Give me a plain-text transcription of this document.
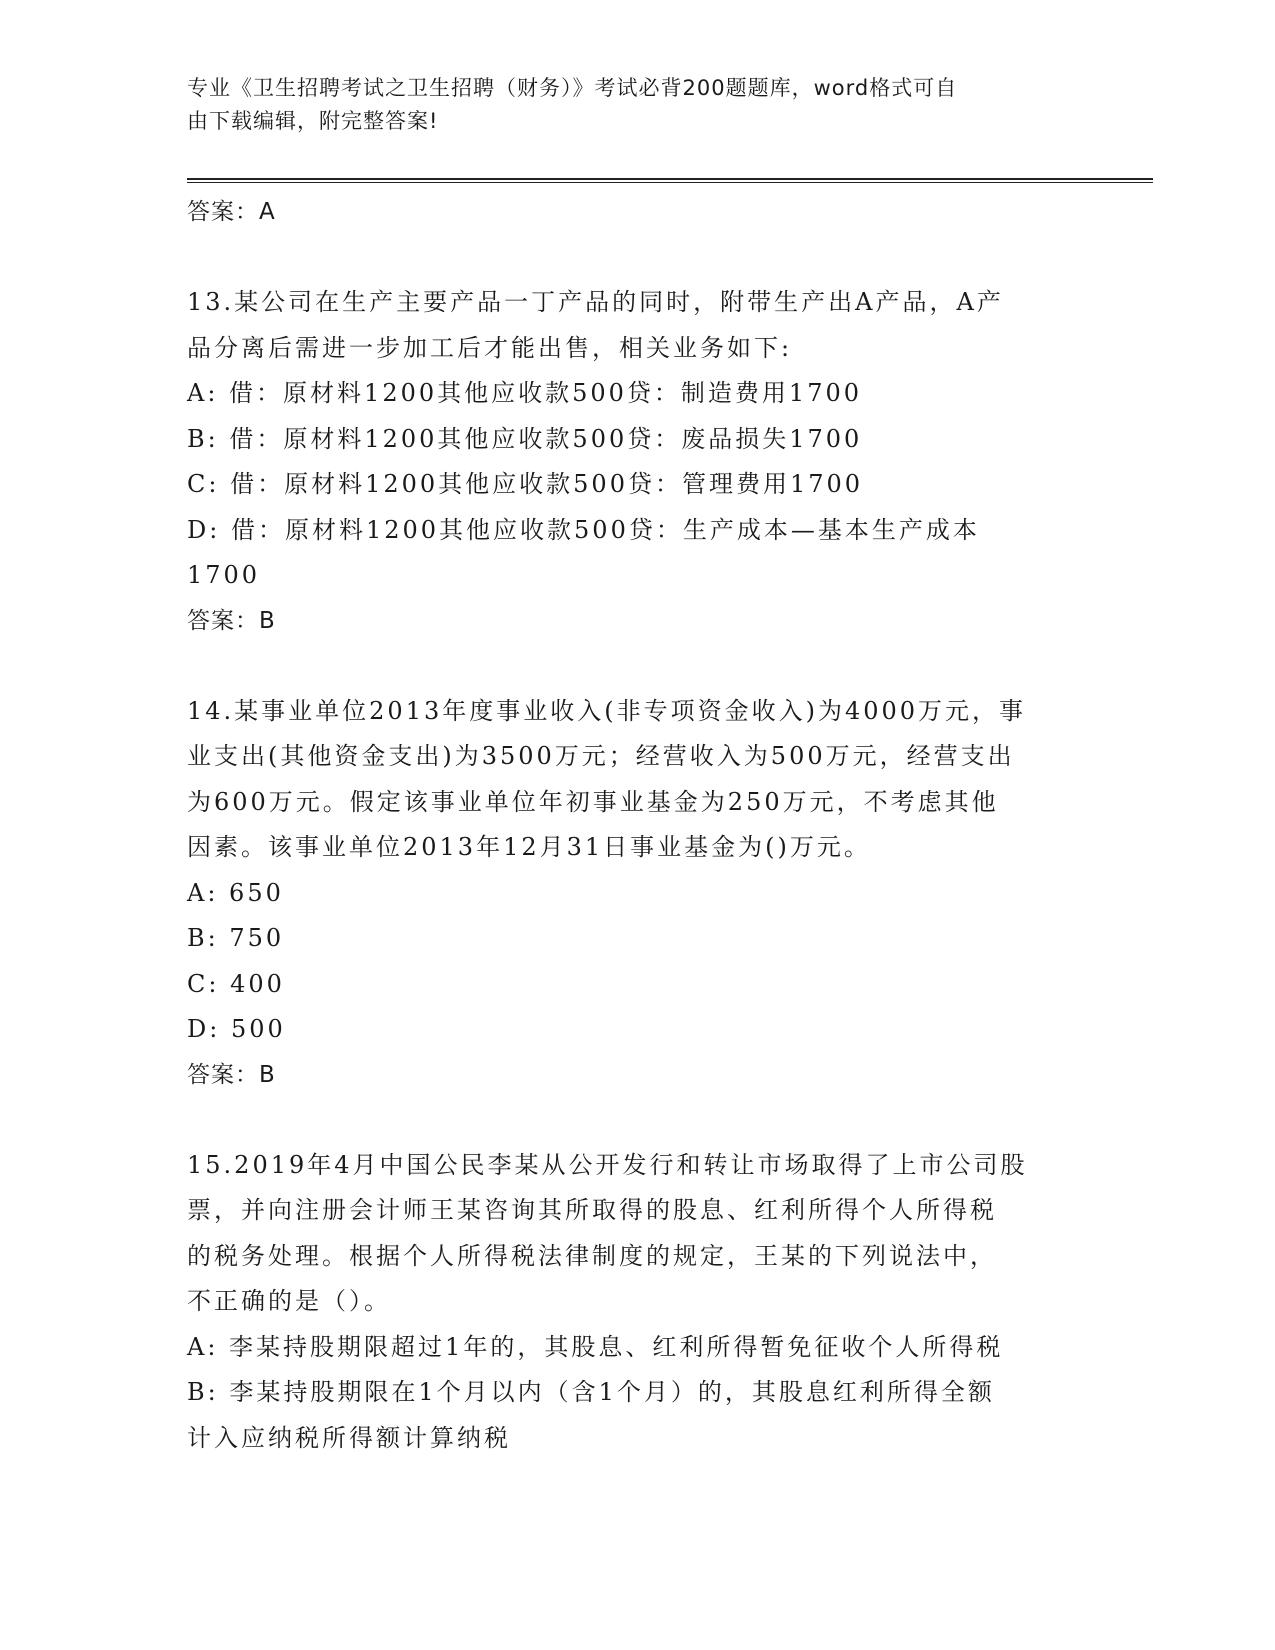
专业《卫生招聘考试之卫生招聘（财务）》考试必背200题题库，word格式可自
由下载编辑，附完整答案!
答案：A
13.某公司在生产主要产品一丁产品的同时，附带生产出A产品，A产
品分离后需进一步加工后才能出售，相关业务如下:
A: 借：原材料1200其他应收款500贷：制造费用1700
B: 借：原材料1200其他应收款500贷：废品损失1700
C: 借：原材料1200其他应收款500贷：管理费用1700
D: 借：原材料1200其他应收款500贷：生产成本—基本生产成本
1700
答案：B
14.某事业单位2013年度事业收入(非专项资金收入)为4000万元，事
业支出(其他资金支出)为3500万元；经营收入为500万元，经营支出
为600万元。假定该事业单位年初事业基金为250万元，不考虑其他
因素。该事业单位2013年12月31日事业基金为()万元。
A: 650
B: 750
C: 400
D: 500
答案：B
15.2019年4月中国公民李某从公开发行和转让市场取得了上市公司股
票，并向注册会计师王某咨询其所取得的股息、红利所得个人所得税
的税务处理。根据个人所得税法律制度的规定，王某的下列说法中，
不正确的是（）。
A: 李某持股期限超过1年的，其股息、红利所得暂免征收个人所得税
B: 李某持股期限在1个月以内（含1个月）的，其股息红利所得全额
计入应纳税所得额计算纳税
